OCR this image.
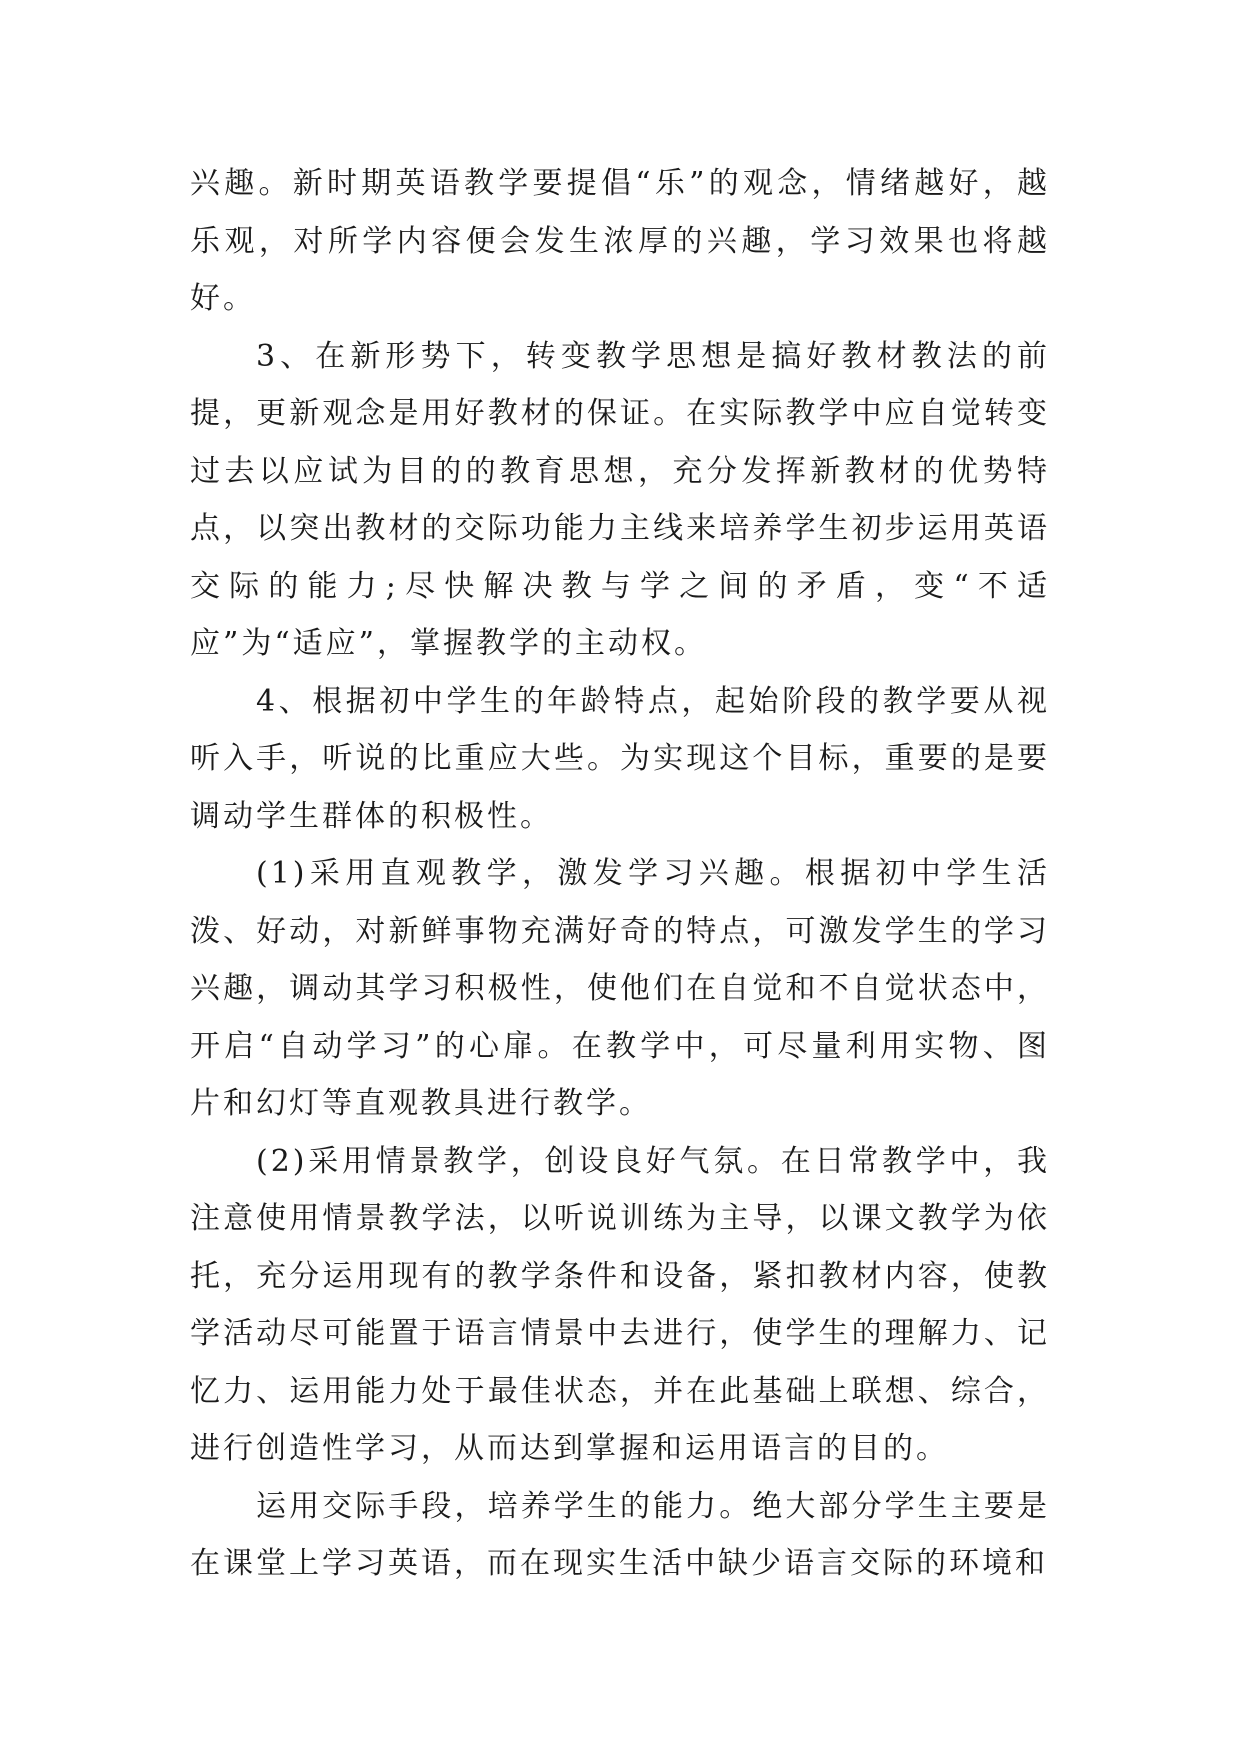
兴趣。新时期英语教学要提倡“乐”的观念，情绪越好，越乐观，对所学内容便会发生浓厚的兴趣，学习效果也将越好。

3、在新形势下，转变教学思想是搞好教材教法的前提，更新观念是用好教材的保证。在实际教学中应自觉转变过去以应试为目的的教育思想，充分发挥新教材的优势特点，以突出教材的交际功能力主线来培养学生初步运用英语交际的能力;尽快解决教与学之间的矛盾，变“不适应”为“适应”，掌握教学的主动权。

4、根据初中学生的年龄特点，起始阶段的教学要从视听入手，听说的比重应大些。为实现这个目标，重要的是要调动学生群体的积极性。

(1)采用直观教学，激发学习兴趣。根据初中学生活泼、好动，对新鲜事物充满好奇的特点，可激发学生的学习兴趣，调动其学习积极性，使他们在自觉和不自觉状态中，开启“自动学习”的心扉。在教学中，可尽量利用实物、图片和幻灯等直观教具进行教学。

(2)采用情景教学，创设良好气氛。在日常教学中，我注意使用情景教学法，以听说训练为主导，以课文教学为依托，充分运用现有的教学条件和设备，紧扣教材内容，使教学活动尽可能置于语言情景中去进行，使学生的理解力、记忆力、运用能力处于最佳状态，并在此基础上联想、综合，进行创造性学习，从而达到掌握和运用语言的目的。

运用交际手段，培养学生的能力。绝大部分学生主要是在课堂上学习英语，而在现实生活中缺少语言交际的环境和
